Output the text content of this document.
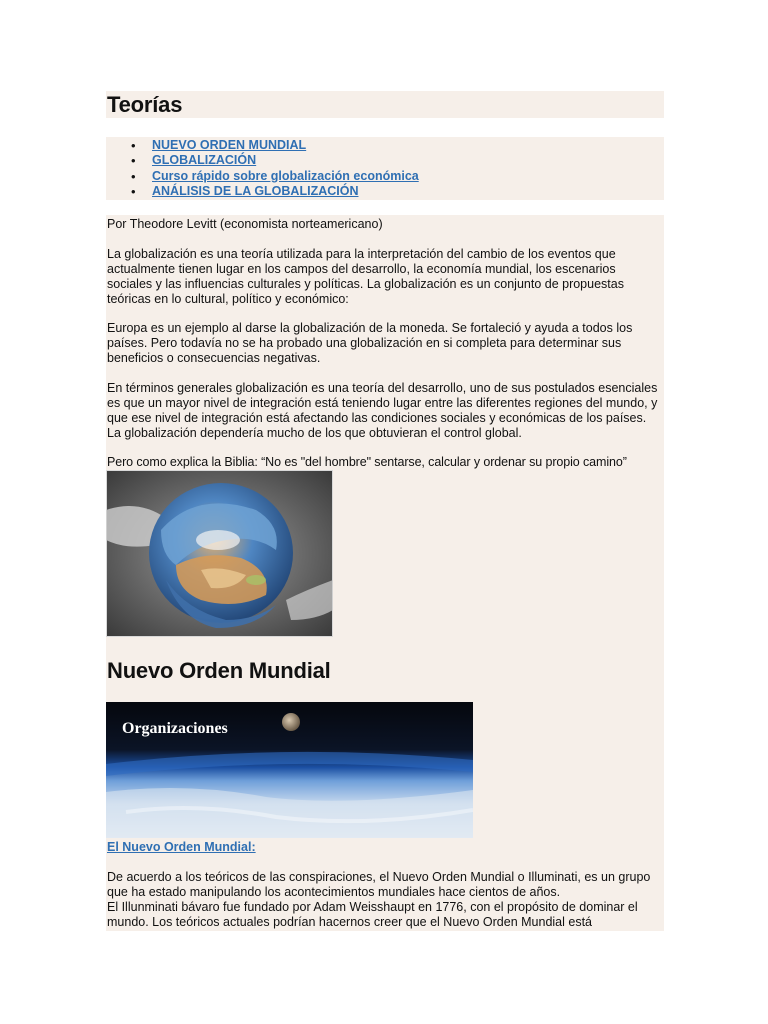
Teorías
• NUEVO ORDEN MUNDIAL
• GLOBALIZACIÓN
• Curso rápido sobre globalización económica
• ANÁLISIS DE LA GLOBALIZACIÓN

Por Theodore Levitt (economista norteamericano)

La globalización es una teoría utilizada para la interpretación del cambio de los eventos que actualmente tienen lugar en los campos del desarrollo, la economía mundial, los escenarios sociales y las influencias culturales y políticas. La globalización es un conjunto de propuestas teóricas en lo cultural, político y económico:

Europa es un ejemplo al darse la globalización de la moneda. Se fortaleció y ayuda a todos los países. Pero todavía no se ha probado una globalización en si completa para determinar sus beneficios o consecuencias negativas.

En términos generales globalización es una teoría del desarrollo, uno de sus postulados esenciales es que un mayor nivel de integración está teniendo lugar entre las diferentes regiones del mundo, y que ese nivel de integración está afectando las condiciones sociales y económicas de los países. La globalización dependería mucho de los que obtuvieran el control global.

Pero como explica la Biblia: “No es "del hombre" sentarse, calcular y ordenar su propio camino”

Nuevo Orden Mundial
Organizaciones
El Nuevo Orden Mundial:
De acuerdo a los teóricos de las conspiraciones, el Nuevo Orden Mundial o Illuminati, es un grupo que ha estado manipulando los acontecimientos mundiales hace cientos de años.
El Illunminati bávaro fue fundado por Adam Weisshaupt en 1776, con el propósito de dominar el mundo. Los teóricos actuales podrían hacernos creer que el Nuevo Orden Mundial está
